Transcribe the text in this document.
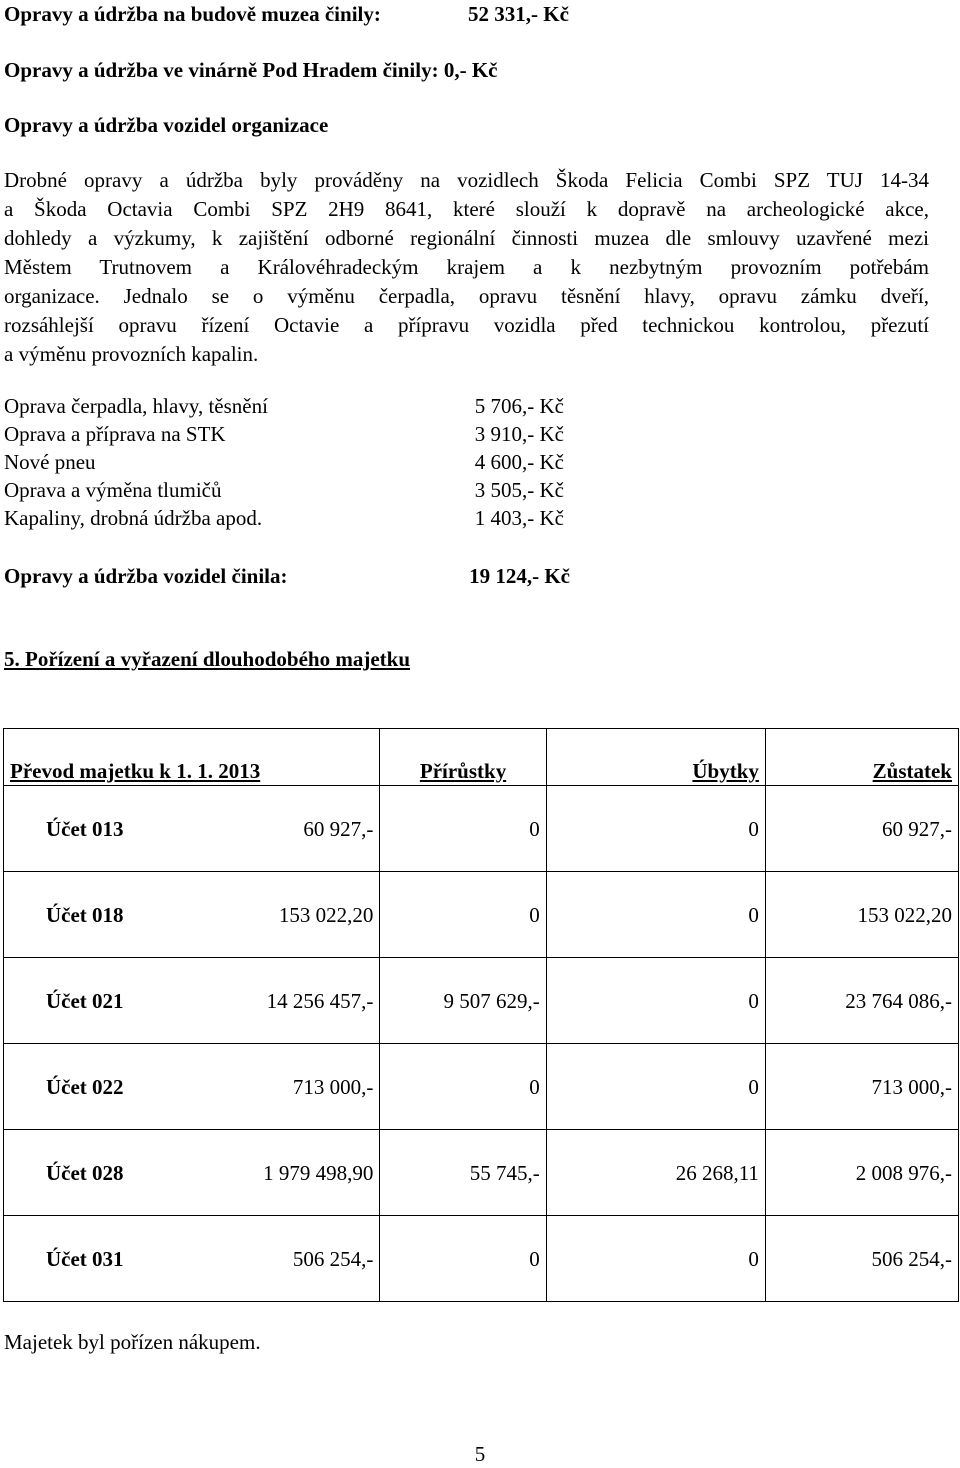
Opravy a údržba na budově muzea činily:	52 331,- Kč
Opravy a údržba ve vinárně Pod Hradem činily: 0,- Kč
Opravy a údržba vozidel organizace
Drobné opravy a údržba byly prováděny na vozidlech Škoda Felicia Combi SPZ TUJ 14-34
a Škoda Octavia Combi SPZ 2H9 8641, které slouží k dopravě na archeologické akce,
dohledy a výzkumy, k zajištění odborné regionální činnosti muzea dle smlouvy uzavřené mezi
Městem Trutnovem a Královéhradeckým krajem a k nezbytným provozním potřebám
organizace. Jednalo se o výměnu čerpadla, opravu těsnění hlavy, opravu zámku dveří,
rozsáhlejší opravu řízení Octavie a přípravu vozidla před technickou kontrolou, přezutí
a výměnu provozních kapalin.
Oprava čerpadla, hlavy, těsnění	5 706,- Kč
Oprava a příprava na STK	3 910,- Kč
Nové pneu	4 600,- Kč
Oprava a výměna tlumičů	3 505,- Kč
Kapaliny, drobná údržba apod.	1 403,- Kč
Opravy a údržba vozidel činila:	19 124,- Kč
5. Pořízení a vyřazení dlouhodobého majetku
Převod majetku k 1. 1. 2013	Přírůstky	Úbytky	Zůstatek
Účet 013 60 927,-	0	0	60 927,-
Účet 018 153 022,20	0	0	153 022,20
Účet 021 14 256 457,-	9 507 629,-	0	23 764 086,-
Účet 022 713 000,-	0	0	713 000,-
Účet 028 1 979 498,90	55 745,-	26 268,11	2 008 976,-
Účet 031 506 254,-	0	0	506 254,-
Majetek byl pořízen nákupem.
5
